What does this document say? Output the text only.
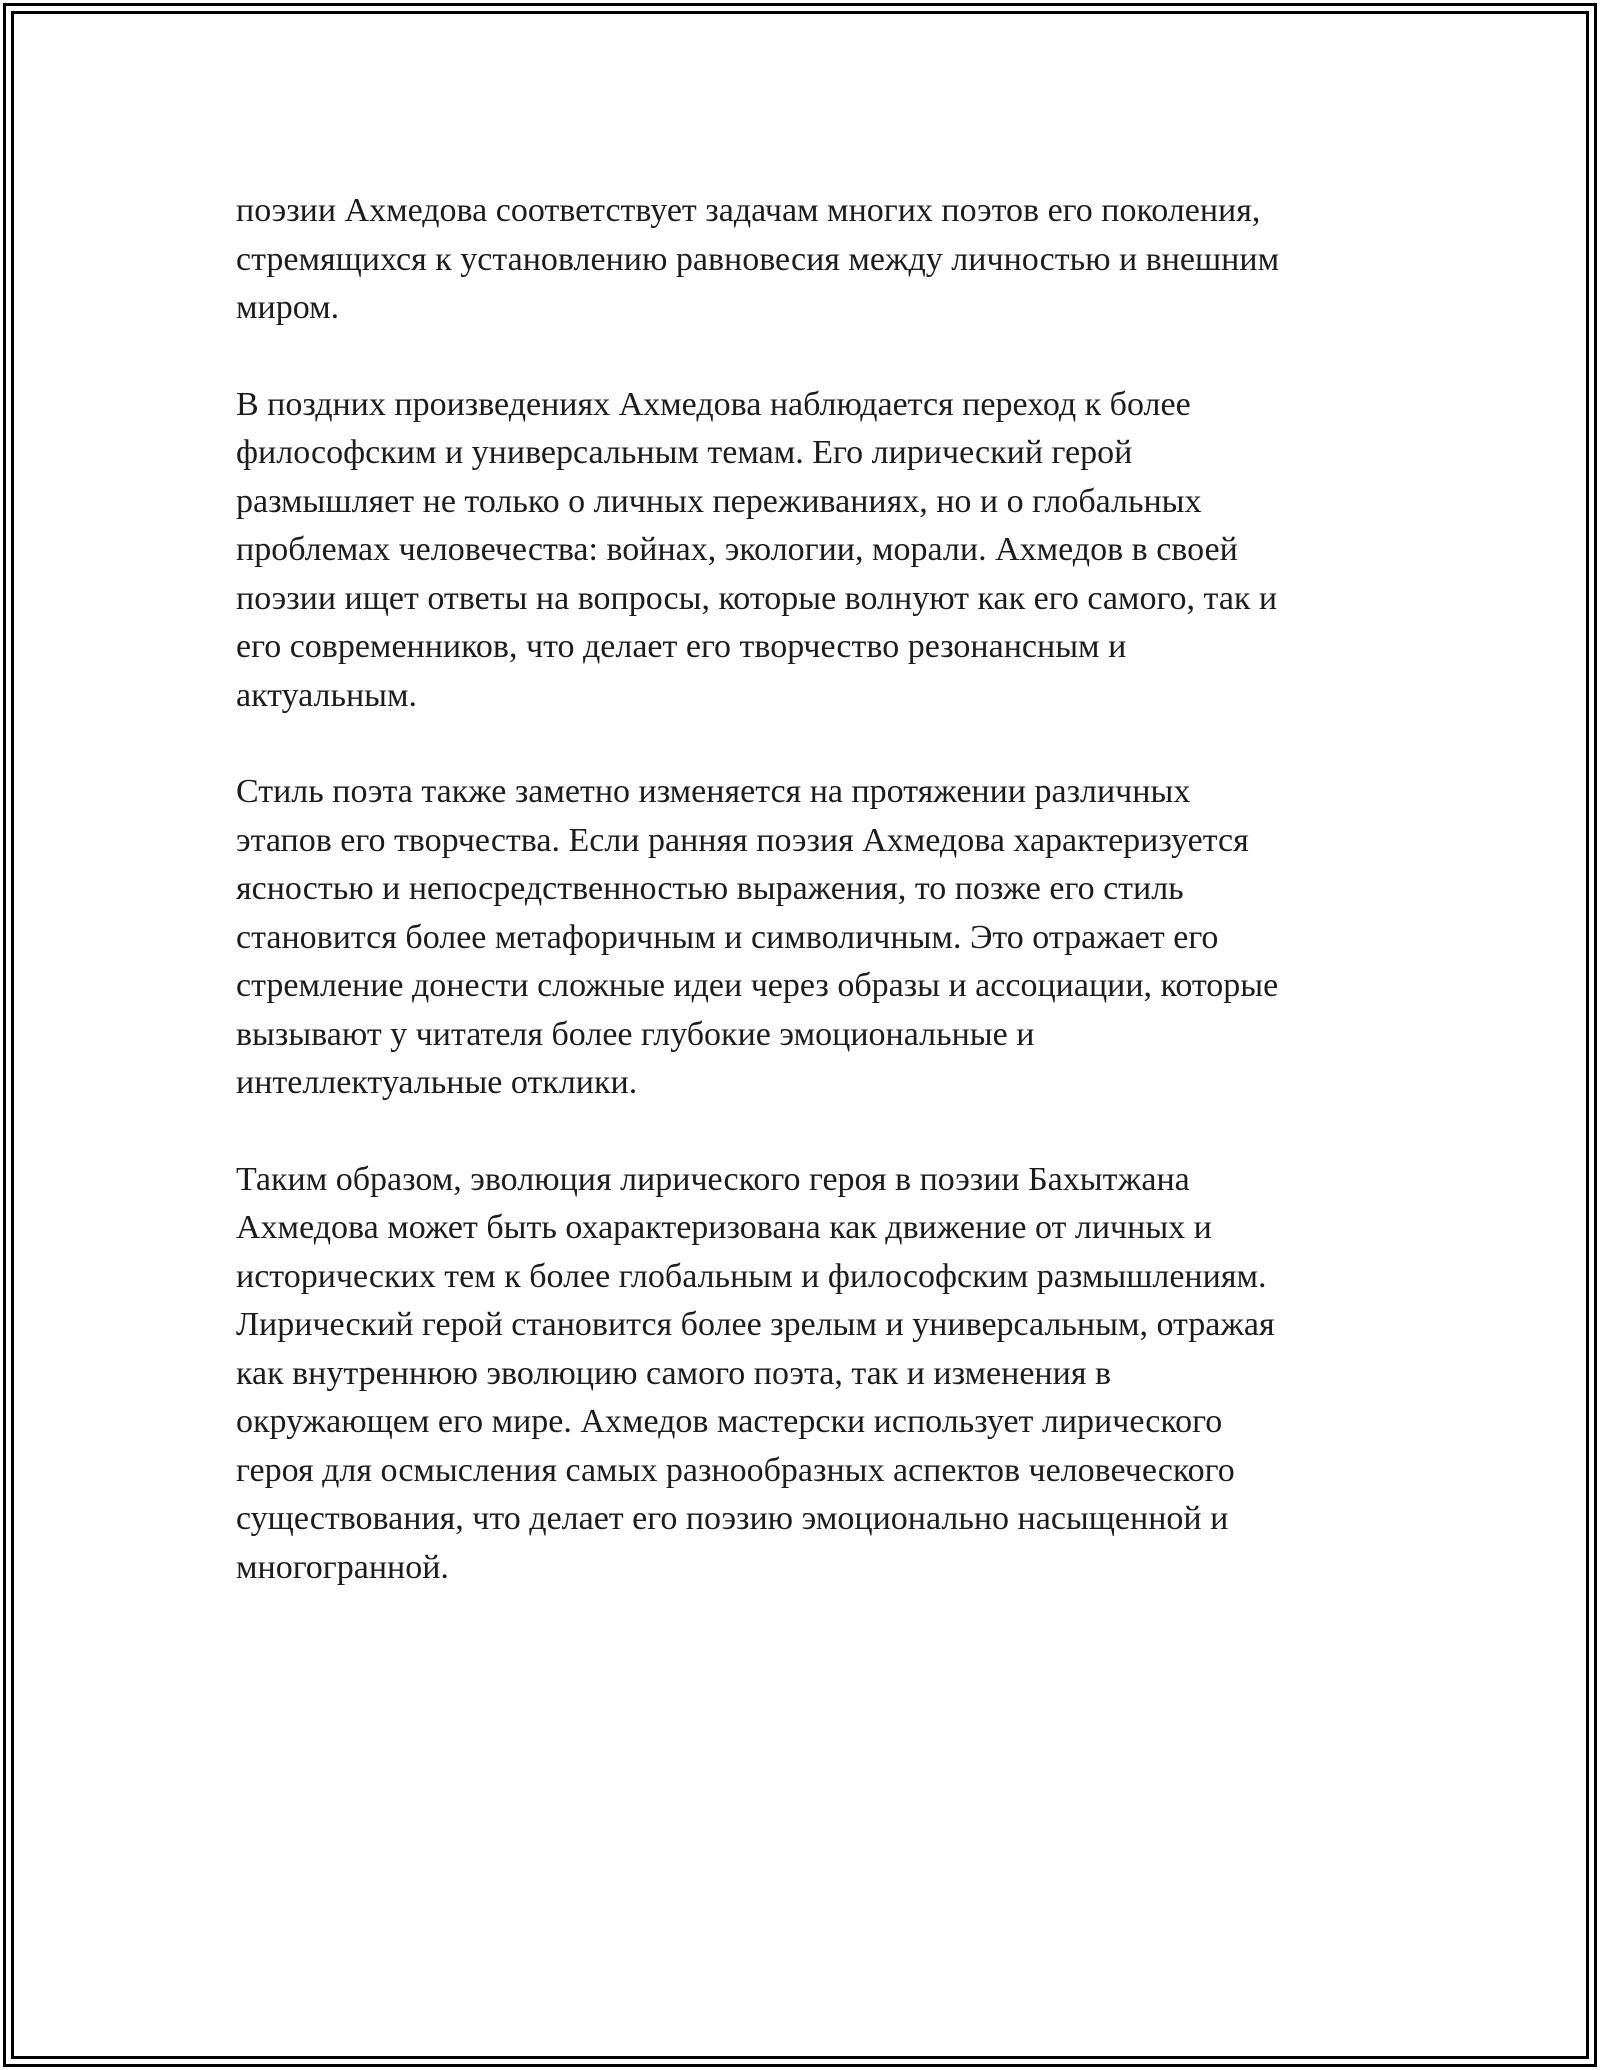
поэзии Ахмедова соответствует задачам многих поэтов его поколения,
стремящихся к установлению равновесия между личностью и внешним
миром.

В поздних произведениях Ахмедова наблюдается переход к более
философским и универсальным темам. Его лирический герой
размышляет не только о личных переживаниях, но и о глобальных
проблемах человечества: войнах, экологии, морали. Ахмедов в своей
поэзии ищет ответы на вопросы, которые волнуют как его самого, так и
его современников, что делает его творчество резонансным и
актуальным.

Стиль поэта также заметно изменяется на протяжении различных
этапов его творчества. Если ранняя поэзия Ахмедова характеризуется
ясностью и непосредственностью выражения, то позже его стиль
становится более метафоричным и символичным. Это отражает его
стремление донести сложные идеи через образы и ассоциации, которые
вызывают у читателя более глубокие эмоциональные и
интеллектуальные отклики.

Таким образом, эволюция лирического героя в поэзии Бахытжана
Ахмедова может быть охарактеризована как движение от личных и
исторических тем к более глобальным и философским размышлениям.
Лирический герой становится более зрелым и универсальным, отражая
как внутреннюю эволюцию самого поэта, так и изменения в
окружающем его мире. Ахмедов мастерски использует лирического
героя для осмысления самых разнообразных аспектов человеческого
существования, что делает его поэзию эмоционально насыщенной и
многогранной.
